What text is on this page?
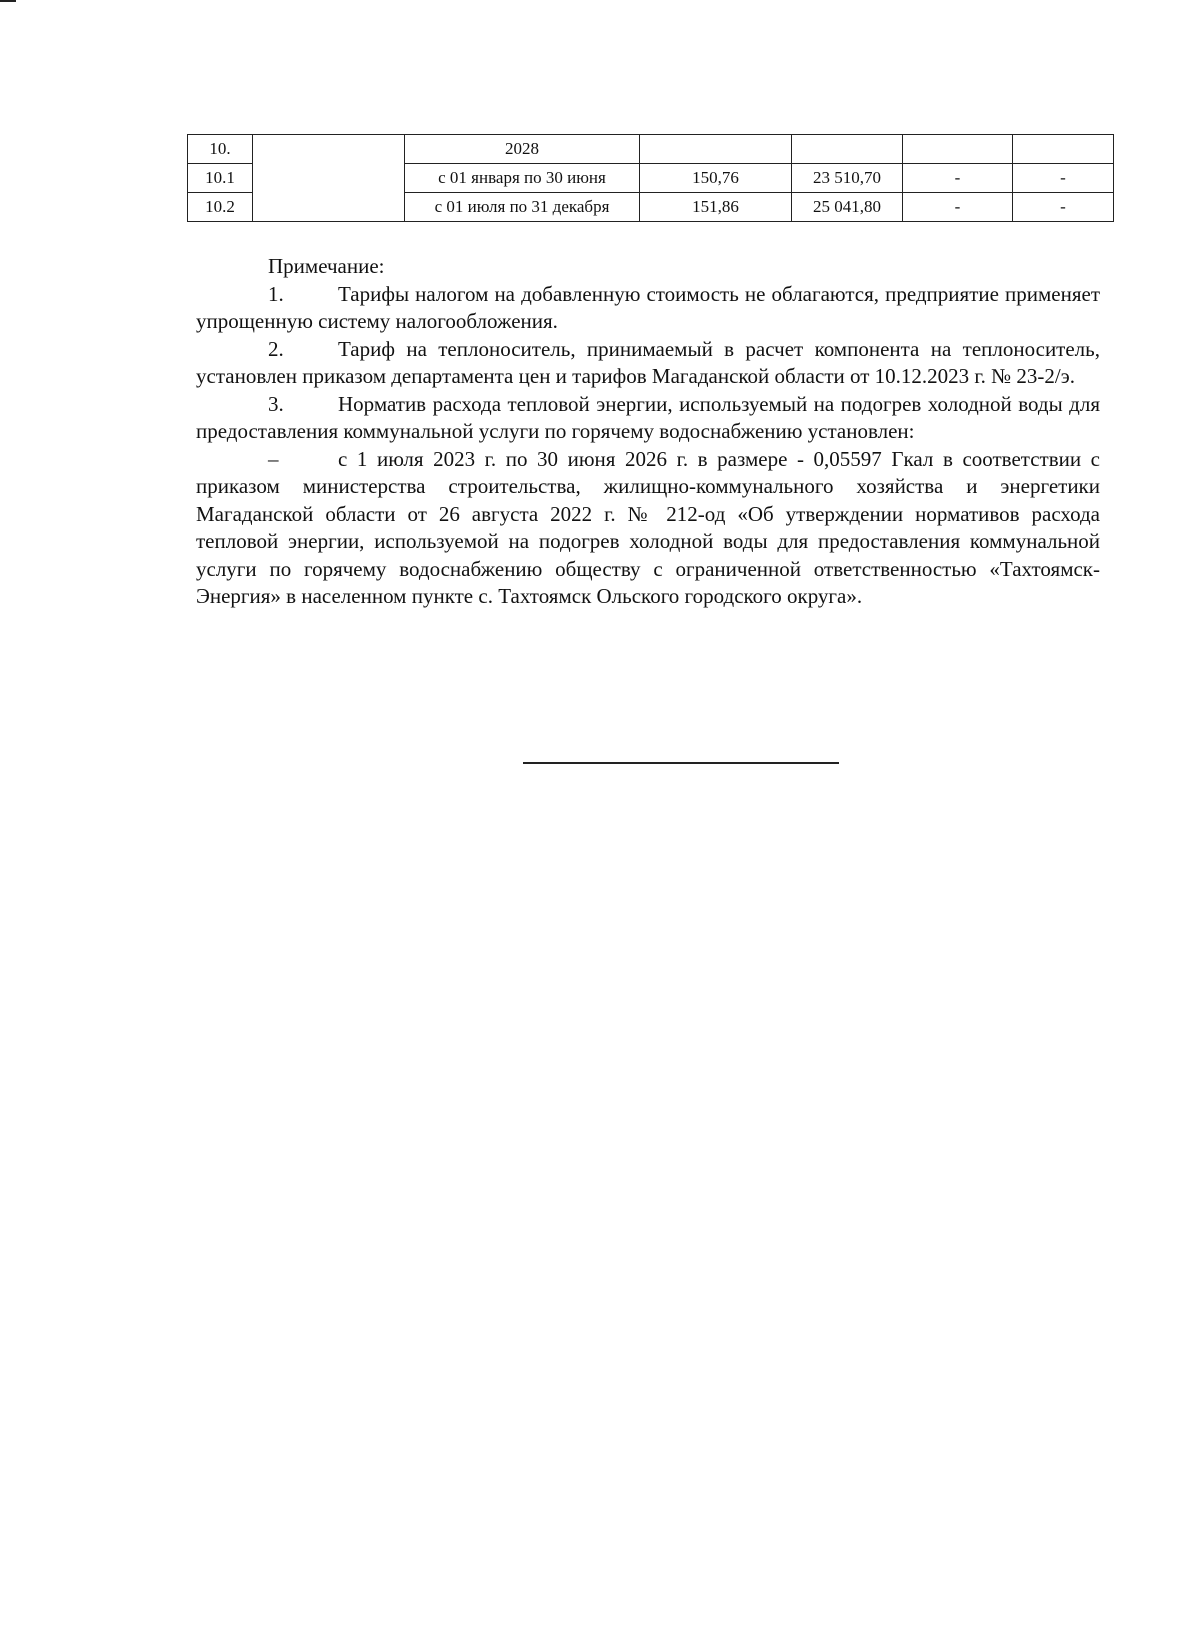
10.		2028				
10.1		с 01 января по 30 июня	150,76	23 510,70	-	-
10.2		с 01 июля по 31 декабря	151,86	25 041,80	-	-

Примечание:

1.	Тарифы налогом на добавленную стоимость не облагаются, предприятие применяет упрощенную систему налогообложения.

2.	Тариф на теплоноситель, принимаемый в расчет компонента на теплоноситель, установлен приказом департамента цен и тарифов Магаданской области от 10.12.2023 г. № 23-2/э.

3.	Норматив расхода тепловой энергии, используемый на подогрев холодной воды для предоставления коммунальной услуги по горячему водоснабжению установлен:

–	с 1 июля 2023 г. по 30 июня 2026 г. в размере - 0,05597 Гкал в соответствии с приказом министерства строительства, жилищно-коммунального хозяйства и энергетики Магаданской области от 26 августа 2022 г. № 212-од «Об утверждении нормативов расхода тепловой энергии, используемой на подогрев холодной воды для предоставления коммунальной услуги по горячему водоснабжению обществу с ограниченной ответственностью «Тахтоямск-Энергия» в населенном пункте с. Тахтоямск Ольского городского округа».
